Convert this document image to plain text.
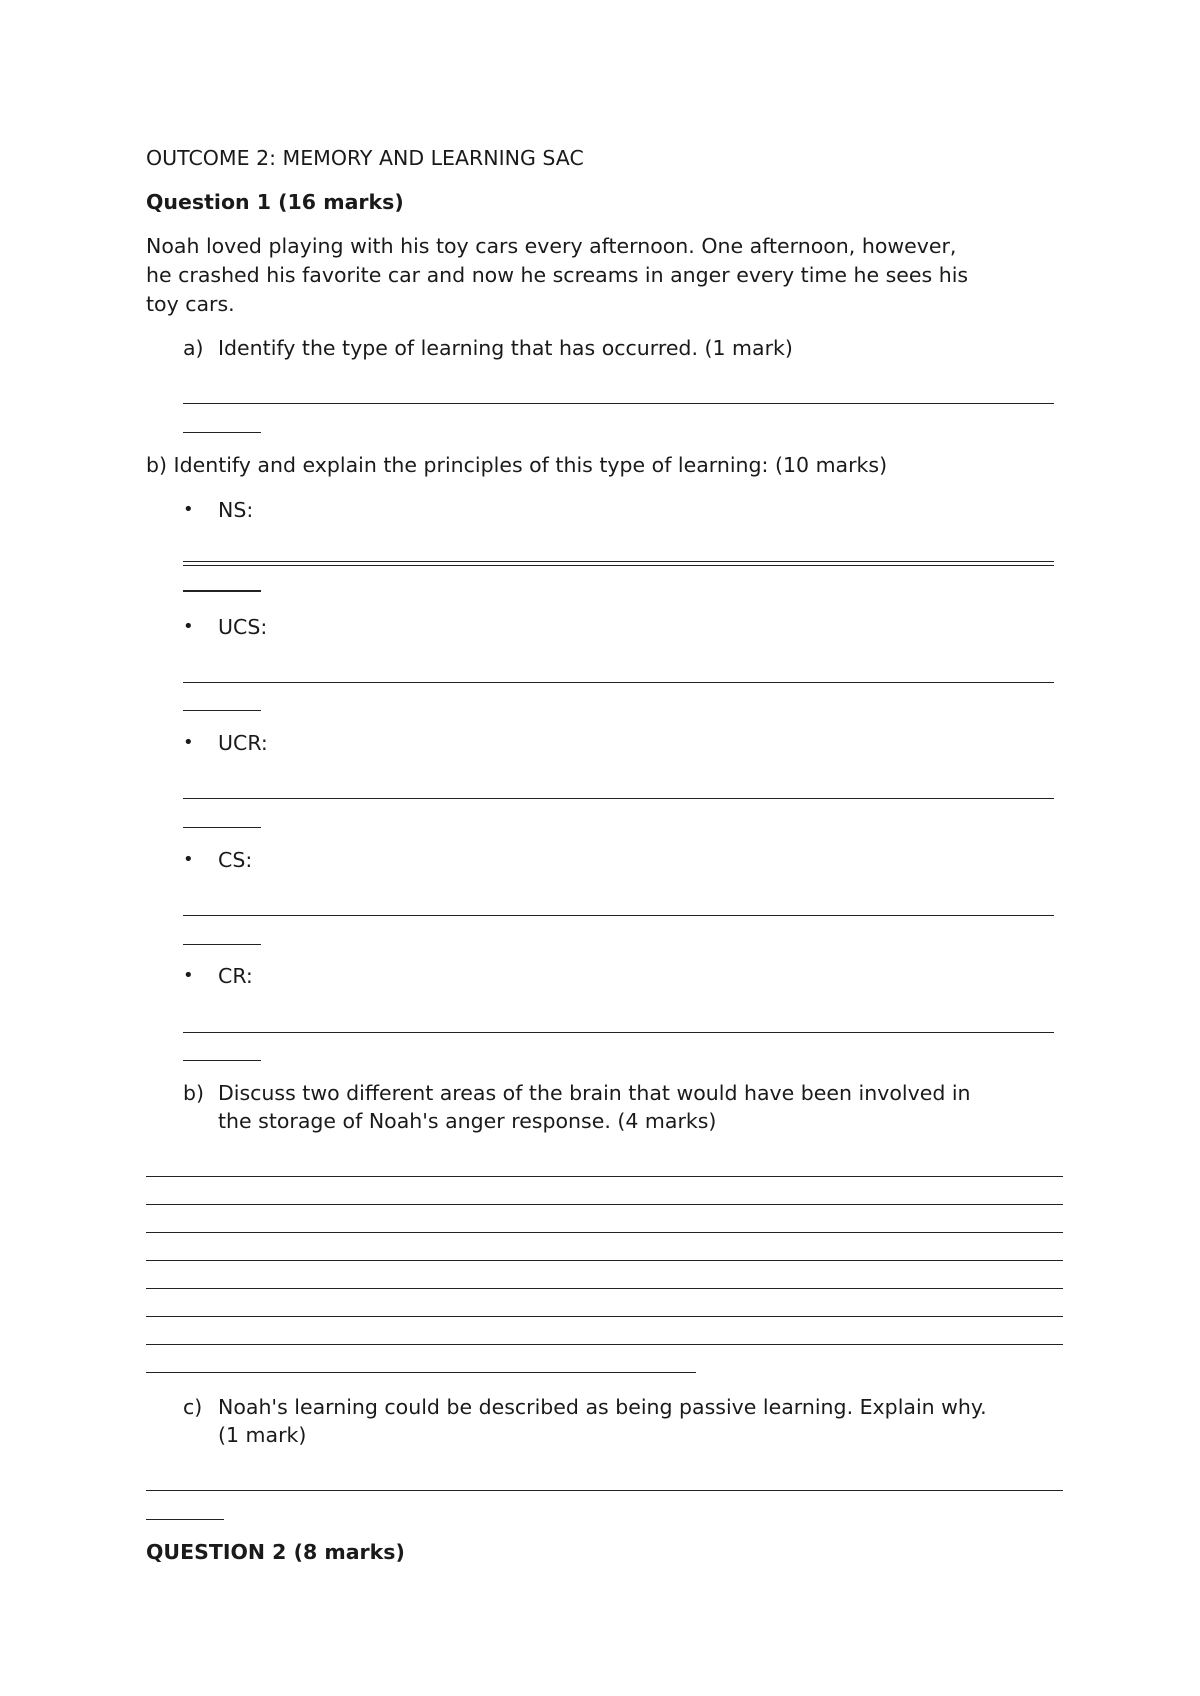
OUTCOME 2: MEMORY AND LEARNING SAC
Question 1 (16 marks)
Noah loved playing with his toy cars every afternoon. One afternoon, however,
he crashed his favorite car and now he screams in anger every time he sees his
toy cars.
a) Identify the type of learning that has occurred. (1 mark)
b) Identify and explain the principles of this type of learning: (10 marks)
• NS:
• UCS:
• UCR:
• CS:
• CR:
b) Discuss two different areas of the brain that would have been involved in
the storage of Noah's anger response. (4 marks)
c) Noah's learning could be described as being passive learning. Explain why.
(1 mark)
QUESTION 2 (8 marks)
